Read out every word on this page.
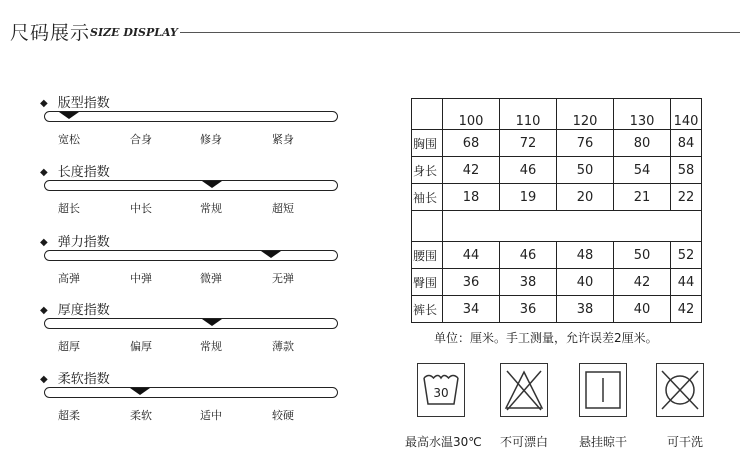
尺码展示 SIZE DISPLAY
◆ 版型指数
宽松	合身	修身	紧身
◆ 长度指数
超长	中长	常规	超短
◆ 弹力指数
高弹	中弹	微弹	无弹
◆ 厚度指数
超厚	偏厚	常规	薄款
◆ 柔软指数
超柔	柔软	适中	较硬
	100	110	120	130	140
胸围	68	72	76	80	84
身长	42	46	50	54	58
袖长	18	19	20	21	22

腰围	44	46	48	50	52
臀围	36	38	40	42	44
裤长	34	36	38	40	42
单位：厘米。手工测量，允许误差2厘米。
30
最高水温30℃ 不可漂白	悬挂晾干	可干洗
